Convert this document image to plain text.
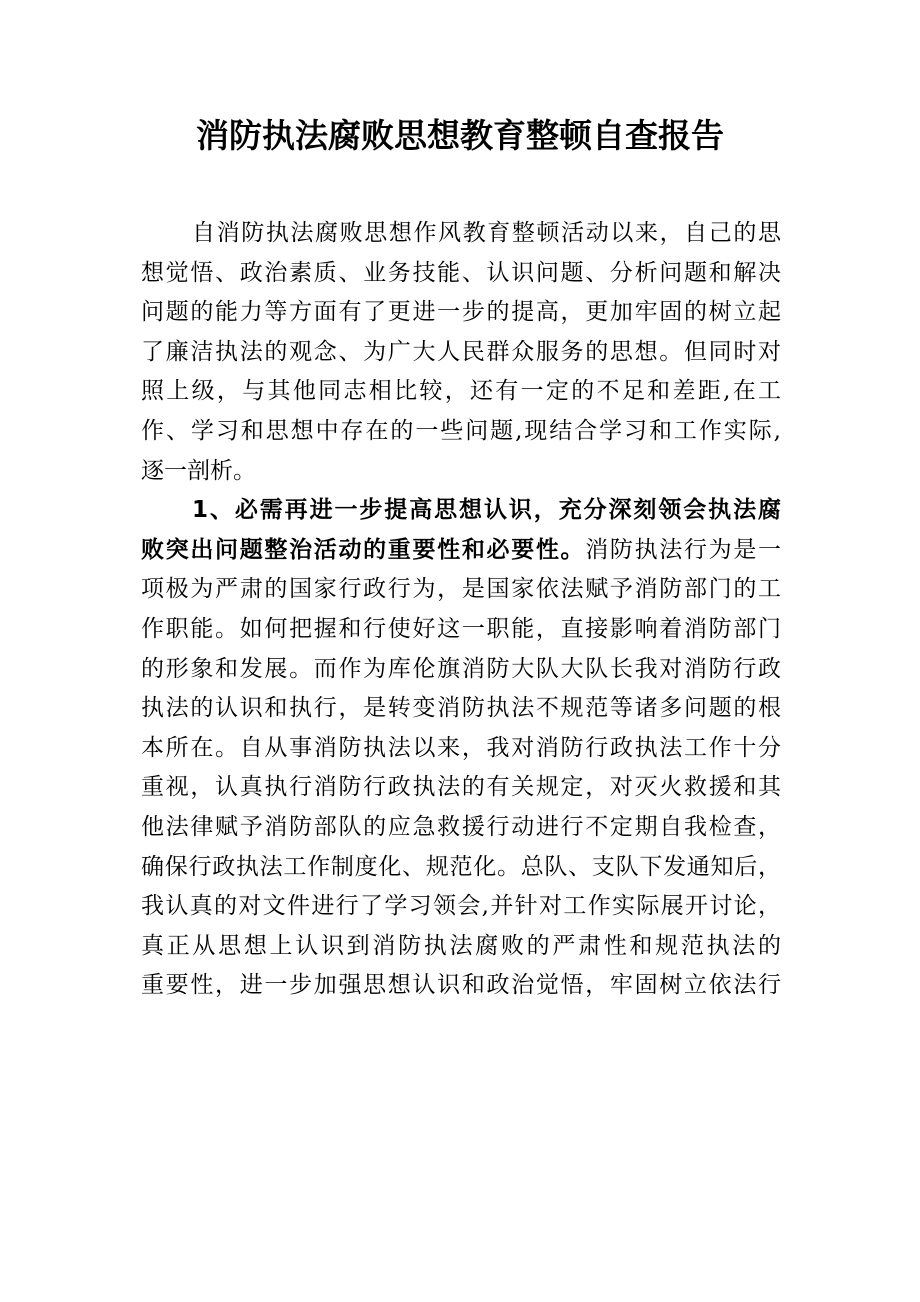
消防执法腐败思想教育整顿自查报告
自消防执法腐败思想作风教育整顿活动以来，自己的思
想觉悟、政治素质、业务技能、认识问题、分析问题和解决
问题的能力等方面有了更进一步的提高，更加牢固的树立起
了廉洁执法的观念、为广大人民群众服务的思想。但同时对
照上级，与其他同志相比较，还有一定的不足和差距,在工
作、学习和思想中存在的一些问题,现结合学习和工作实际,
逐一剖析。
1、必需再进一步提高思想认识，充分深刻领会执法腐
败突出问题整治活动的重要性和必要性。消防执法行为是一
项极为严肃的国家行政行为，是国家依法赋予消防部门的工
作职能。如何把握和行使好这一职能，直接影响着消防部门
的形象和发展。而作为库伦旗消防大队大队长我对消防行政
执法的认识和执行，是转变消防执法不规范等诸多问题的根
本所在。自从事消防执法以来，我对消防行政执法工作十分
重视，认真执行消防行政执法的有关规定，对灭火救援和其
他法律赋予消防部队的应急救援行动进行不定期自我检查，
确保行政执法工作制度化、规范化。总队、支队下发通知后，
我认真的对文件进行了学习领会,并针对工作实际展开讨论，
真正从思想上认识到消防执法腐败的严肃性和规范执法的
重要性，进一步加强思想认识和政治觉悟，牢固树立依法行
